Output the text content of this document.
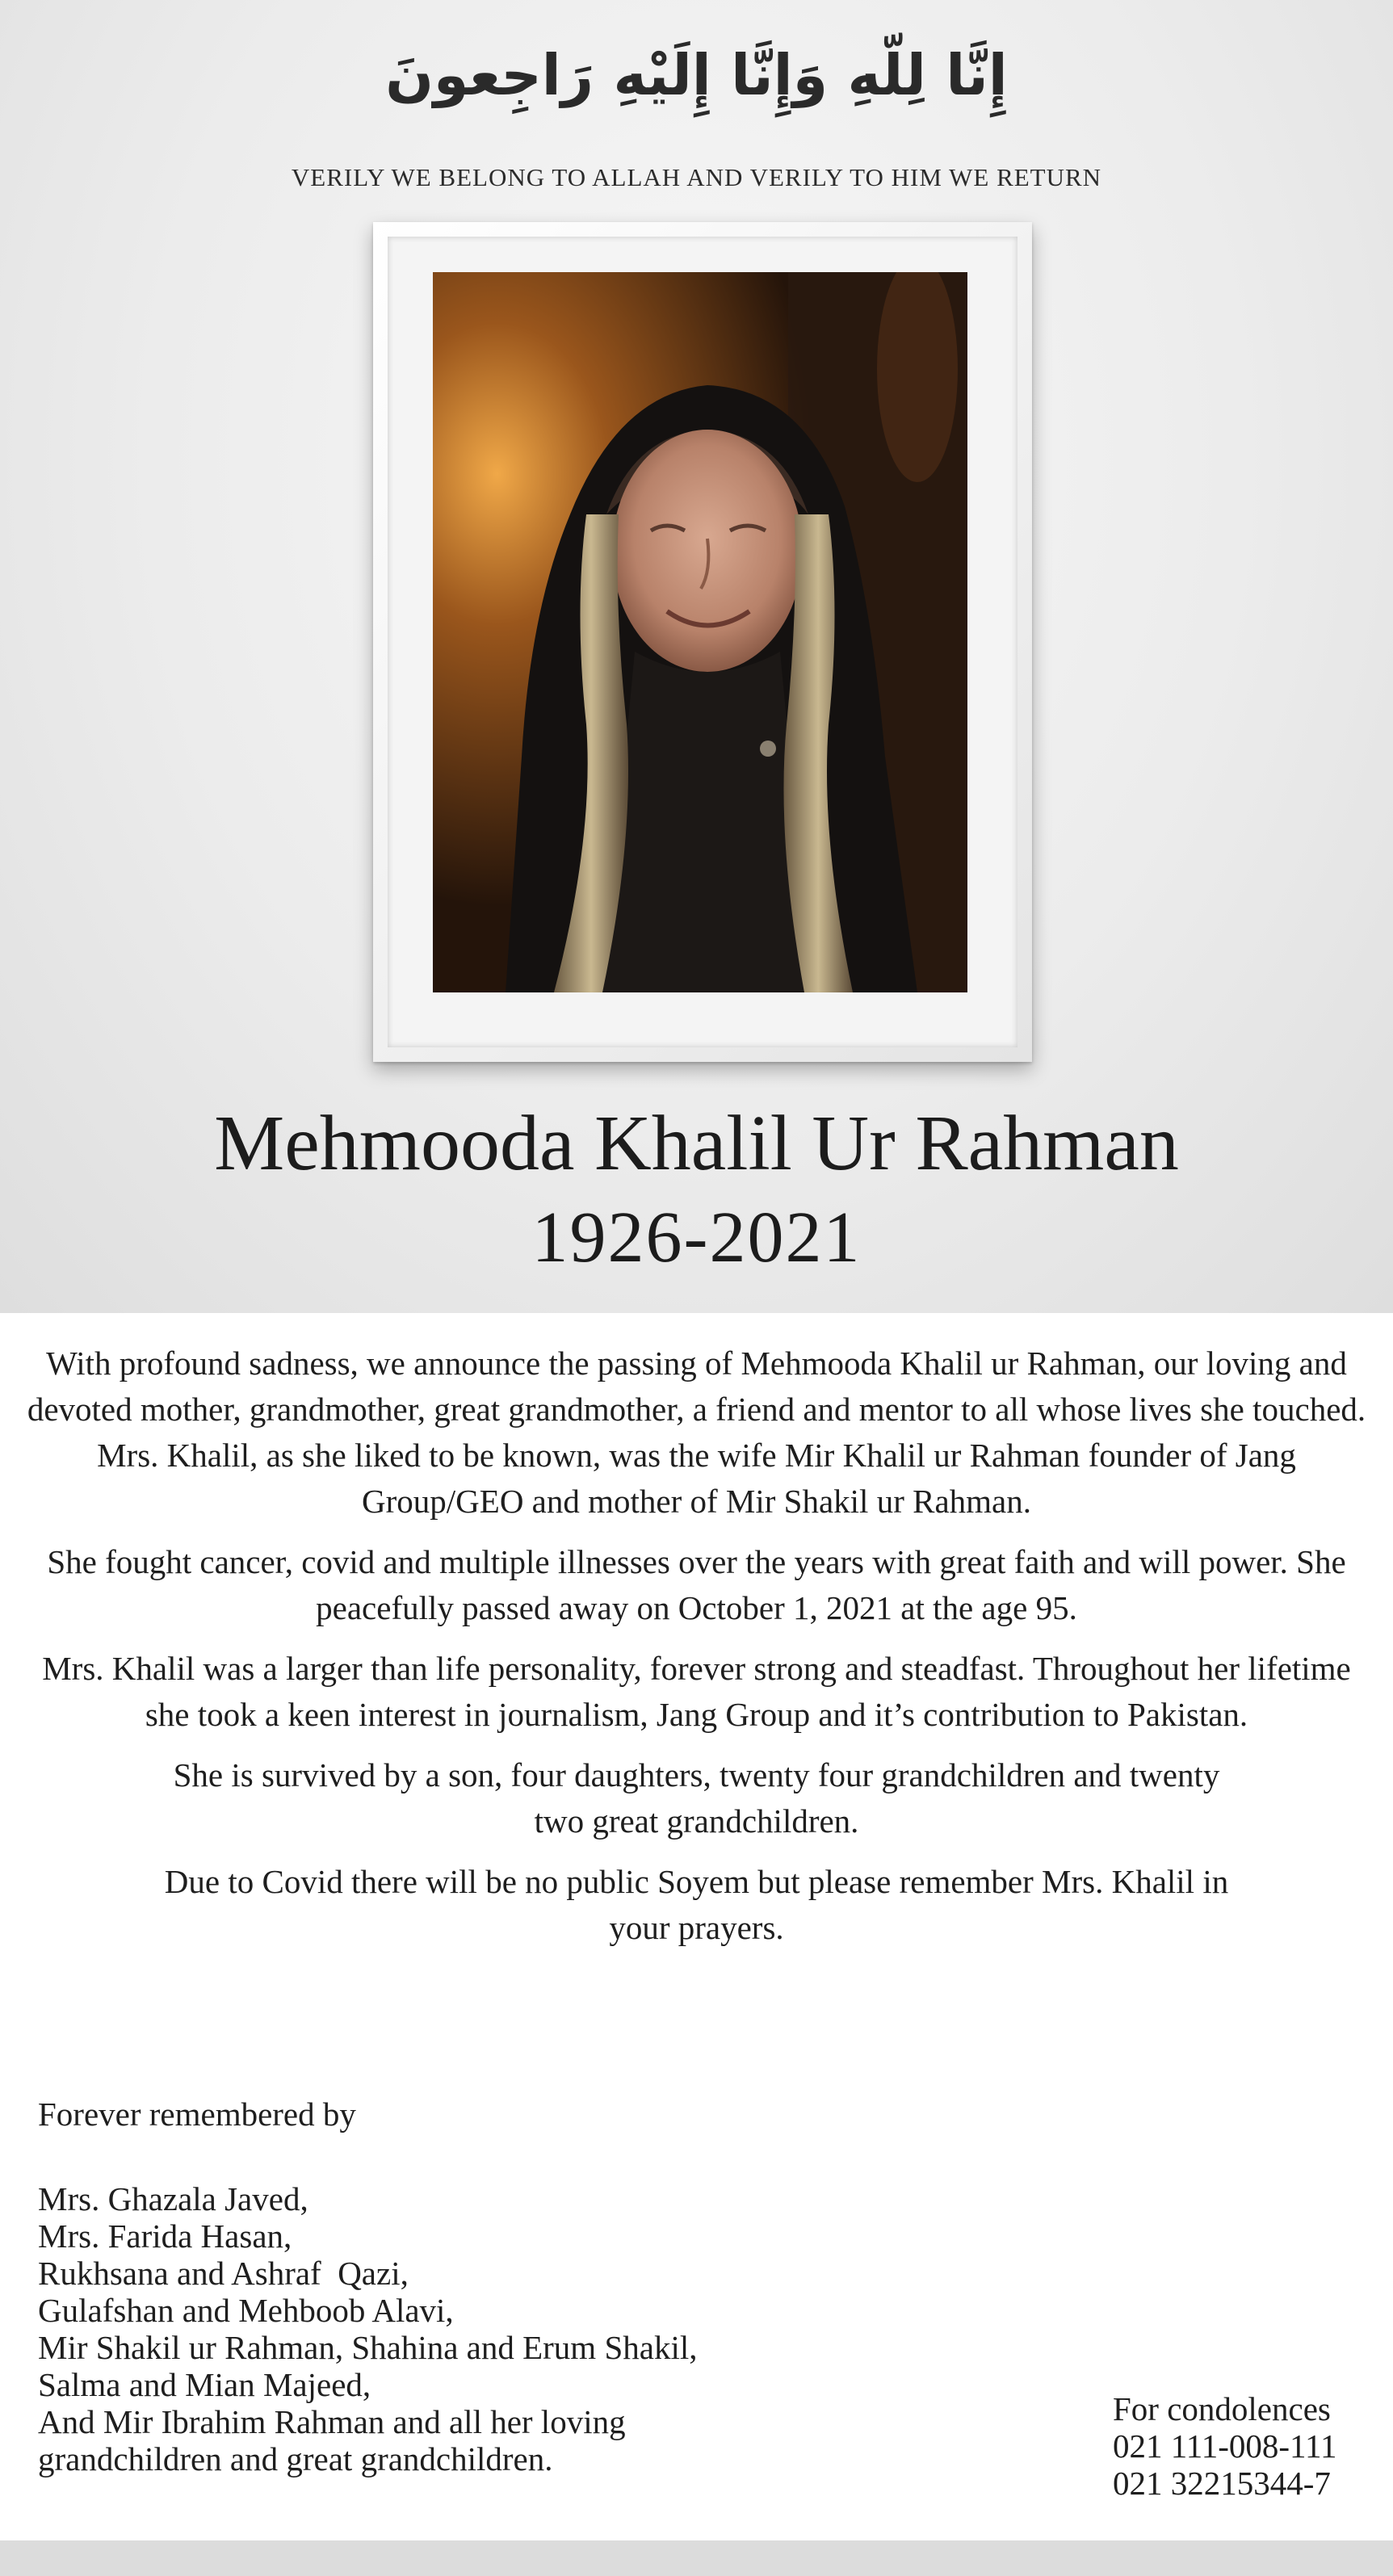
إِنَّا لِلّهِ وَإِنَّا إِلَيْهِ رَاجِعونَ
VERILY WE BELONG TO ALLAH AND VERILY TO HIM WE RETURN
Mehmooda Khalil Ur Rahman
1926-2021

With profound sadness, we announce the passing of Mehmooda Khalil ur Rahman, our loving and devoted mother, grandmother, great grandmother, a friend and mentor to all whose lives she touched. Mrs. Khalil, as she liked to be known, was the wife Mir Khalil ur Rahman founder of Jang Group/GEO and mother of Mir Shakil ur Rahman.

She fought cancer, covid and multiple illnesses over the years with great faith and will power. She peacefully passed away on October 1, 2021 at the age 95.

Mrs. Khalil was a larger than life personality, forever strong and steadfast. Throughout her lifetime she took a keen interest in journalism, Jang Group and it’s contribution to Pakistan.

She is survived by a son, four daughters, twenty four grandchildren and twenty two great grandchildren.

Due to Covid there will be no public Soyem but please remember Mrs. Khalil in your prayers.

Forever remembered by
Mrs. Ghazala Javed,
Mrs. Farida Hasan,
Rukhsana and Ashraf  Qazi,
Gulafshan and Mehboob Alavi,
Mir Shakil ur Rahman, Shahina and Erum Shakil,
Salma and Mian Majeed,
And Mir Ibrahim Rahman and all her loving
grandchildren and great grandchildren.
For condolences
021 111-008-111
021 32215344-7
